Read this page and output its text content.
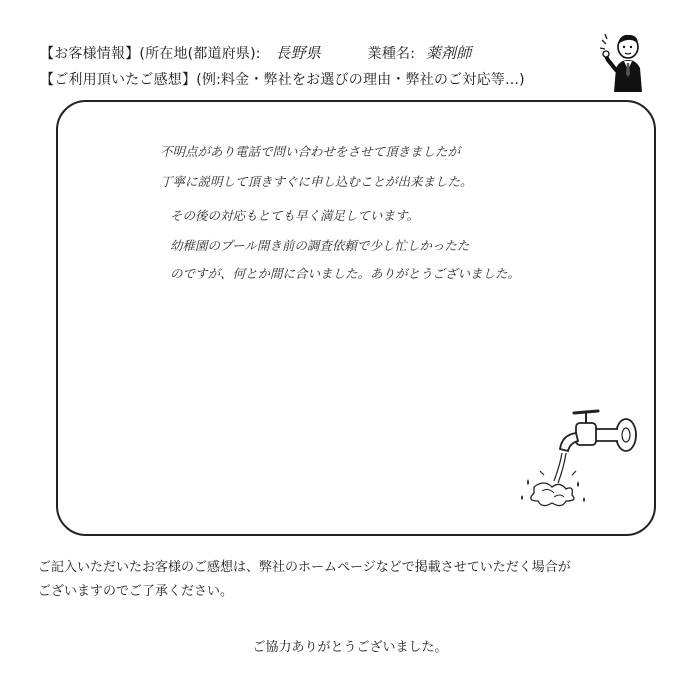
【お客様情報】(所在地(都道府県): 長野県	業種名: 薬剤師
【ご利用頂いたご感想】(例:料金・弊社をお選びの理由・弊社のご対応等…)
不明点があり電話で問い合わせをさせて頂きましたが
丁寧に説明して頂きすぐに申し込むことが出来ました。
その後の対応もとても早く満足しています。
幼稚園のプール開き前の調査依頼で少し忙しかったた
のですが、何とか間に合いました。ありがとうございました。
ご記入いただいたお客様のご感想は、弊社のホームページなどで掲載させていただく場合が
ございますのでご了承ください。
ご協力ありがとうございました。
